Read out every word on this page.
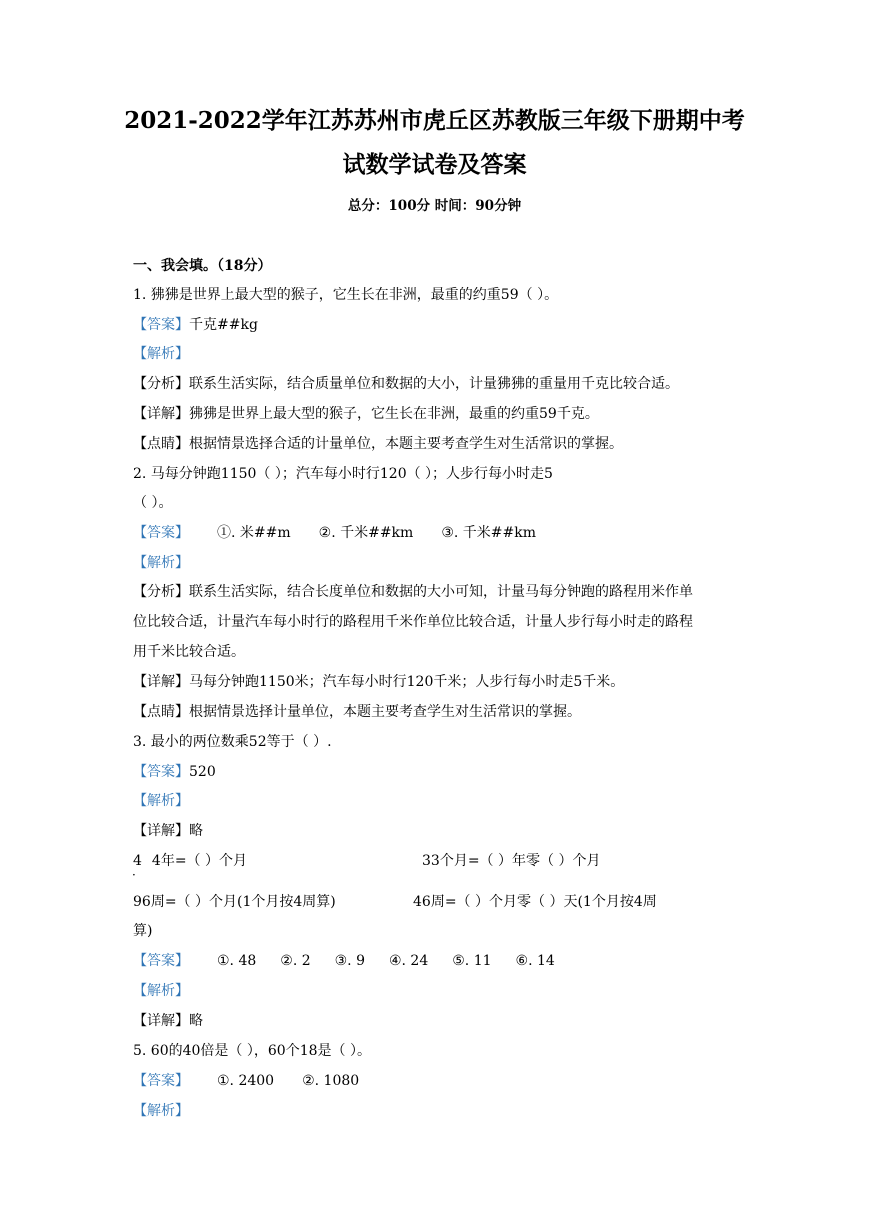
2021-2022学年江苏苏州市虎丘区苏教版三年级下册期中考
试数学试卷及答案

总分：100分 时间：90分钟

一、我会填。（18分）
1. 狒狒是世界上最大型的猴子，它生长在非洲，最重的约重59（ ）。
【答案】千克##kg
【解析】
【分析】联系生活实际，结合质量单位和数据的大小，计量狒狒的重量用千克比较合适。
【详解】狒狒是世界上最大型的猴子，它生长在非洲，最重的约重59千克。
【点睛】根据情景选择合适的计量单位，本题主要考查学生对生活常识的掌握。
2. 马每分钟跑1150（ ）；汽车每小时行120（ ）；人步行每小时走5
（ ）。
【答案】 ①. 米##m ②. 千米##km ③. 千米##km
【解析】
【分析】联系生活实际，结合长度单位和数据的大小可知，计量马每分钟跑的路程用米作单
位比较合适，计量汽车每小时行的路程用千米作单位比较合适，计量人步行每小时走的路程
用千米比较合适。
【详解】马每分钟跑1150米；汽车每小时行120千米；人步行每小时走5千米。
【点睛】根据情景选择计量单位，本题主要考查学生对生活常识的掌握。
3. 最小的两位数乘52等于（ ）.
【答案】520
【解析】
【详解】略
4 4年=（ ）个月	33个月=（ ）年零（ ）个月
·
96周=（ ）个月(1个月按4周算)	46周=（ ）个月零（ ）天(1个月按4周
算)
【答案】 ①. 48 ②. 2 ③. 9 ④. 24 ⑤. 11 ⑥. 14
【解析】
【详解】略
5. 60的40倍是（ ），60个18是（ ）。
【答案】 ①. 2400 ②. 1080
【解析】
